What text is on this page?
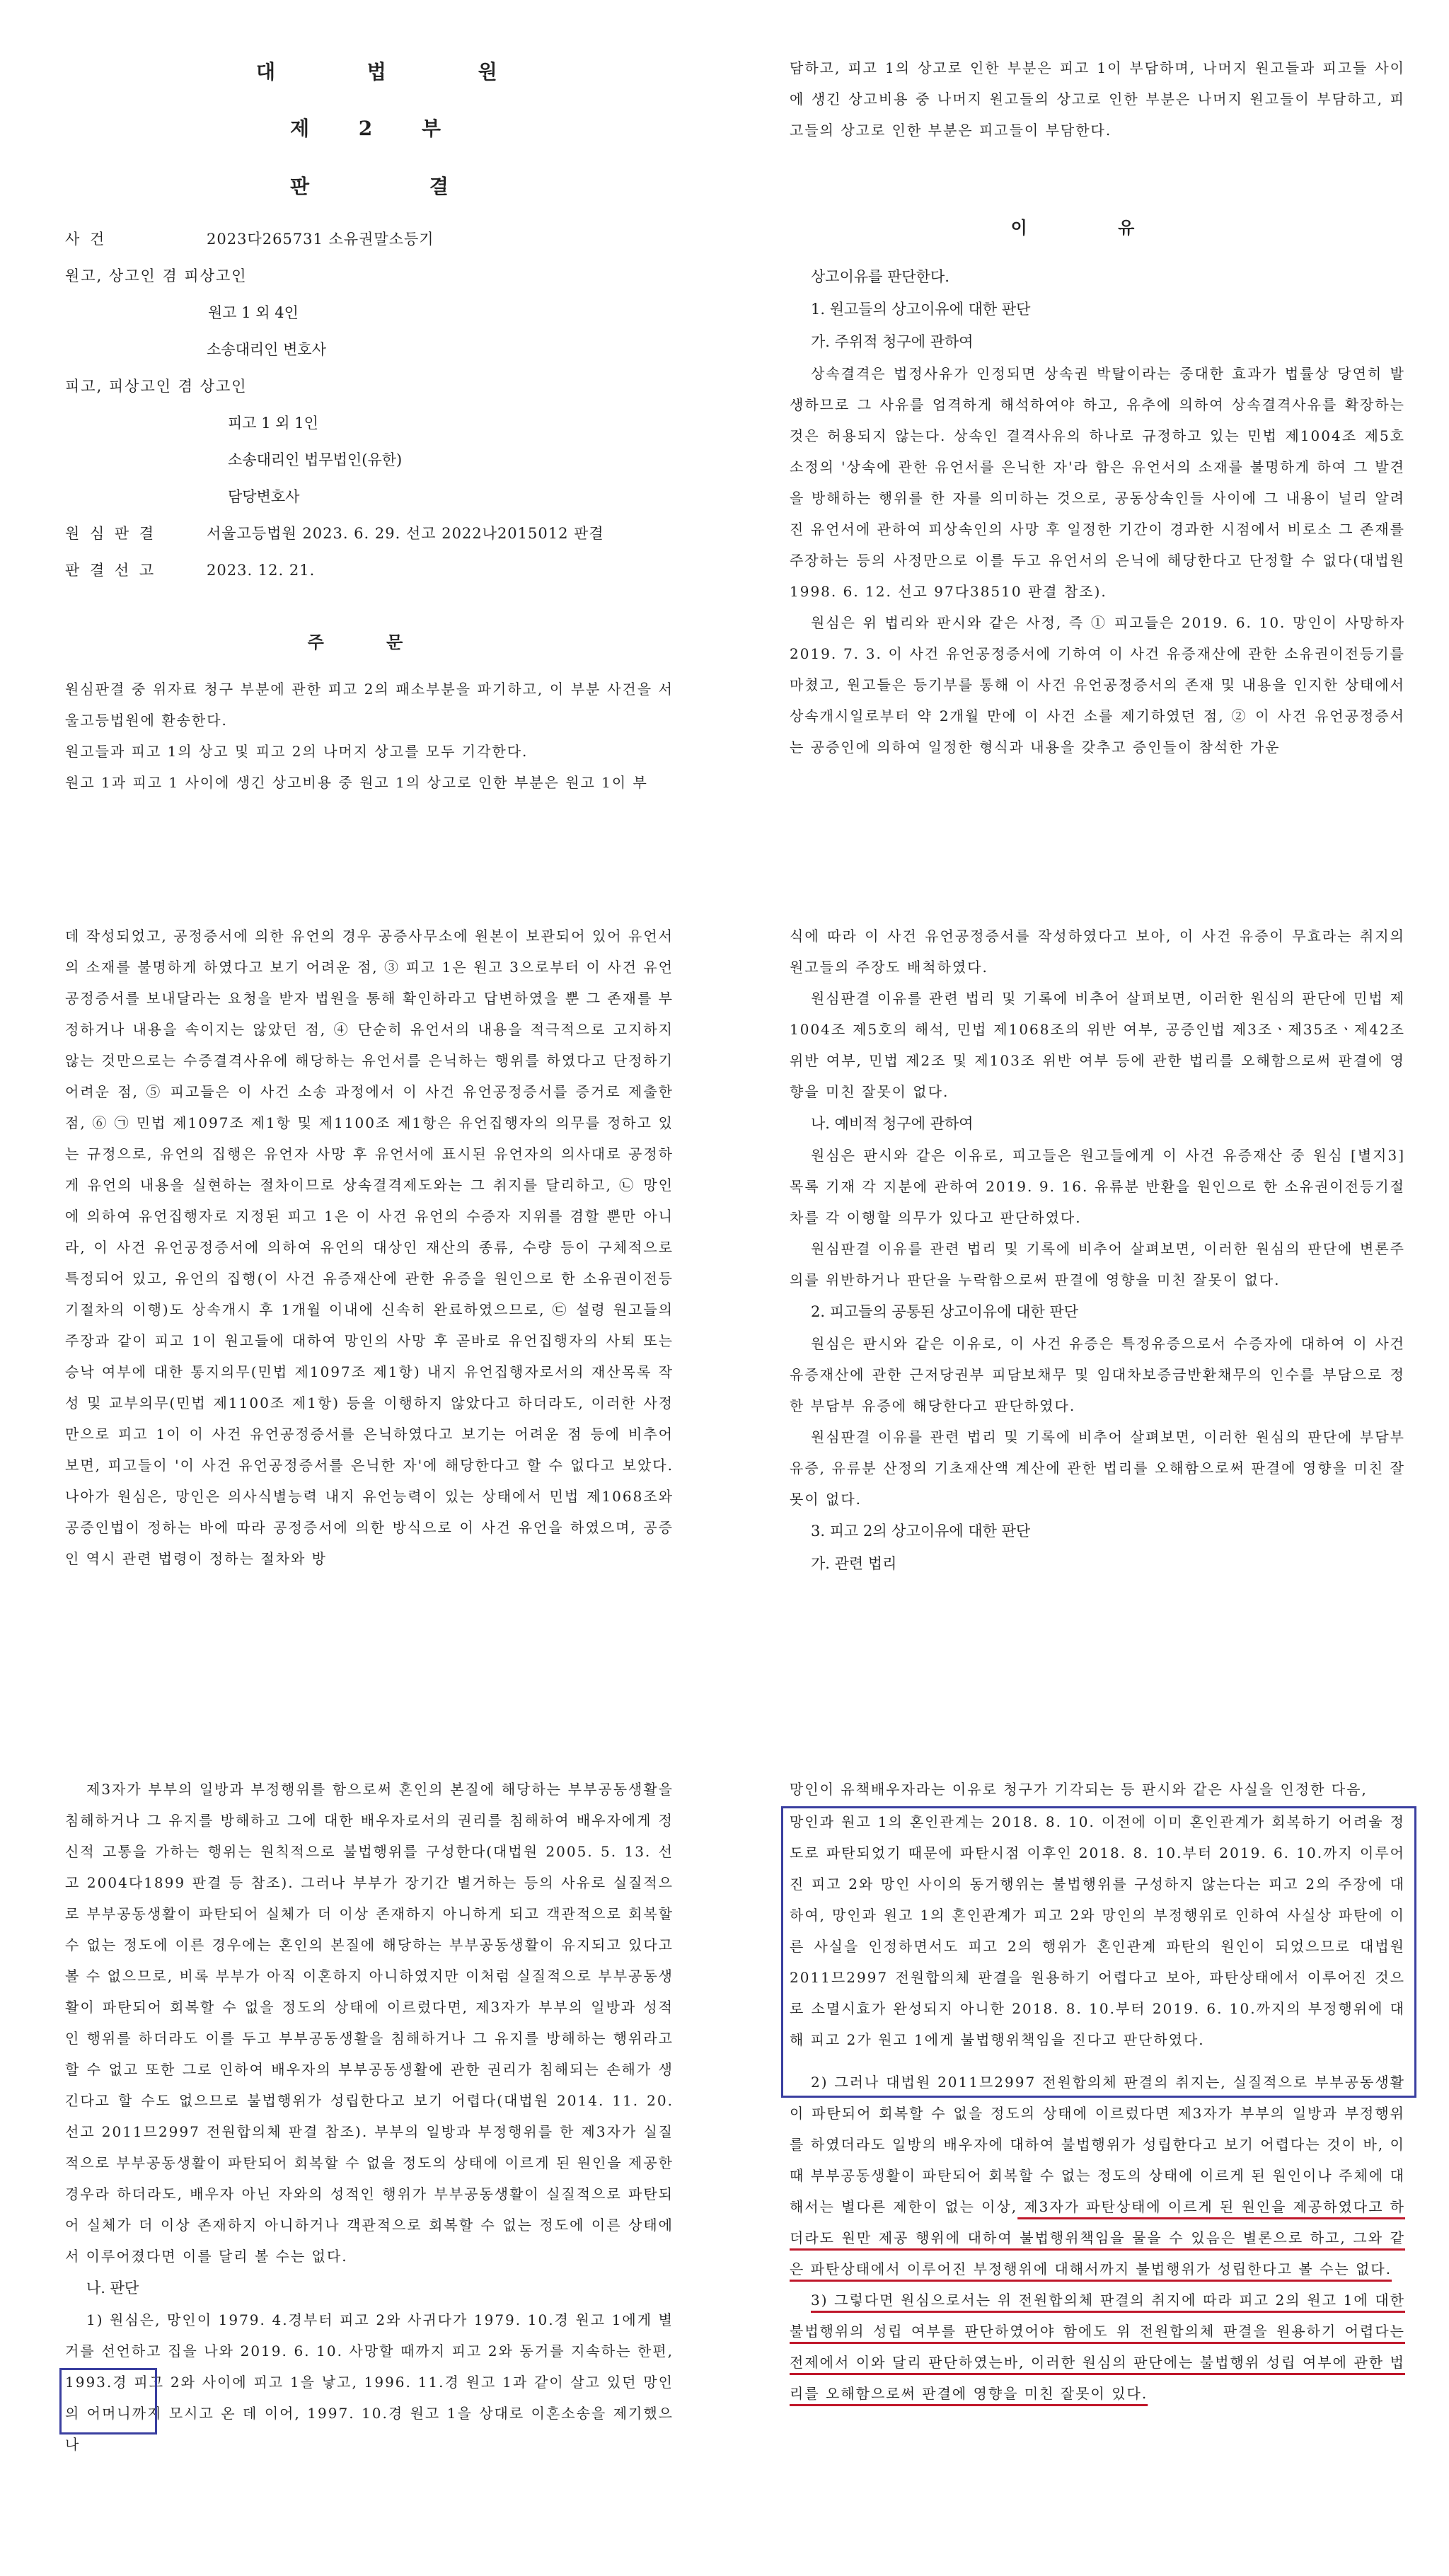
대 법 원
제 2 부
판 결
사 건	2023다265731 소유권말소등기
원고, 상고인 겸 피상고인
원고 1 외 4인
소송대리인 변호사
피고, 피상고인 겸 상고인
피고 1 외 1인
소송대리인 법무법인(유한)
담당변호사
원 심 판 결	서울고등법원 2023. 6. 29. 선고 2022나2015012 판결
판 결 선 고	2023. 12. 21.
주 문

원심판결 중 위자료 청구 부분에 관한 피고 2의 패소부분을 파기하고, 이 부분 사건을 서울고등법원에 환송한다.

원고들과 피고 1의 상고 및 피고 2의 나머지 상고를 모두 기각한다.

원고 1과 피고 1 사이에 생긴 상고비용 중 원고 1의 상고로 인한 부분은 원고 1이 부

담하고, 피고 1의 상고로 인한 부분은 피고 1이 부담하며, 나머지 원고들과 피고들 사이에 생긴 상고비용 중 나머지 원고들의 상고로 인한 부분은 나머지 원고들이 부담하고, 피고들의 상고로 인한 부분은 피고들이 부담한다.

이 유
상고이유를 판단한다.
1. 원고들의 상고이유에 대한 판단
가. 주위적 청구에 관하여

상속결격은 법정사유가 인정되면 상속권 박탈이라는 중대한 효과가 법률상 당연히 발생하므로 그 사유를 엄격하게 해석하여야 하고, 유추에 의하여 상속결격사유를 확장하는 것은 허용되지 않는다. 상속인 결격사유의 하나로 규정하고 있는 민법 제1004조 제5호 소정의 '상속에 관한 유언서를 은닉한 자'라 함은 유언서의 소재를 불명하게 하여 그 발견을 방해하는 행위를 한 자를 의미하는 것으로, 공동상속인들 사이에 그 내용이 널리 알려진 유언서에 관하여 피상속인의 사망 후 일정한 기간이 경과한 시점에서 비로소 그 존재를 주장하는 등의 사정만으로 이를 두고 유언서의 은닉에 해당한다고 단정할 수 없다(대법원 1998. 6. 12. 선고 97다38510 판결 참조).

원심은 위 법리와 판시와 같은 사정, 즉 ① 피고들은 2019. 6. 10. 망인이 사망하자 2019. 7. 3. 이 사건 유언공정증서에 기하여 이 사건 유증재산에 관한 소유권이전등기를 마쳤고, 원고들은 등기부를 통해 이 사건 유언공정증서의 존재 및 내용을 인지한 상태에서 상속개시일로부터 약 2개월 만에 이 사건 소를 제기하였던 점, ② 이 사건 유언공정증서는 공증인에 의하여 일정한 형식과 내용을 갖추고 증인들이 참석한 가운

데 작성되었고, 공정증서에 의한 유언의 경우 공증사무소에 원본이 보관되어 있어 유언서의 소재를 불명하게 하였다고 보기 어려운 점, ③ 피고 1은 원고 3으로부터 이 사건 유언공정증서를 보내달라는 요청을 받자 법원을 통해 확인하라고 답변하였을 뿐 그 존재를 부정하거나 내용을 속이지는 않았던 점, ④ 단순히 유언서의 내용을 적극적으로 고지하지 않는 것만으로는 수증결격사유에 해당하는 유언서를 은닉하는 행위를 하였다고 단정하기 어려운 점, ⑤ 피고들은 이 사건 소송 과정에서 이 사건 유언공정증서를 증거로 제출한 점, ⑥ ㉠ 민법 제1097조 제1항 및 제1100조 제1항은 유언집행자의 의무를 정하고 있는 규정으로, 유언의 집행은 유언자 사망 후 유언서에 표시된 유언자의 의사대로 공정하게 유언의 내용을 실현하는 절차이므로 상속결격제도와는 그 취지를 달리하고, ㉡ 망인에 의하여 유언집행자로 지정된 피고 1은 이 사건 유언의 수증자 지위를 겸할 뿐만 아니라, 이 사건 유언공정증서에 의하여 유언의 대상인 재산의 종류, 수량 등이 구체적으로 특정되어 있고, 유언의 집행(이 사건 유증재산에 관한 유증을 원인으로 한 소유권이전등기절차의 이행)도 상속개시 후 1개월 이내에 신속히 완료하였으므로, ㉢ 설령 원고들의 주장과 같이 피고 1이 원고들에 대하여 망인의 사망 후 곧바로 유언집행자의 사퇴 또는 승낙 여부에 대한 통지의무(민법 제1097조 제1항) 내지 유언집행자로서의 재산목록 작성 및 교부의무(민법 제1100조 제1항) 등을 이행하지 않았다고 하더라도, 이러한 사정만으로 피고 1이 이 사건 유언공정증서를 은닉하였다고 보기는 어려운 점 등에 비추어 보면, 피고들이 '이 사건 유언공정증서를 은닉한 자'에 해당한다고 할 수 없다고 보았다. 나아가 원심은, 망인은 의사식별능력 내지 유언능력이 있는 상태에서 민법 제1068조와 공증인법이 정하는 바에 따라 공정증서에 의한 방식으로 이 사건 유언을 하였으며, 공증인 역시 관련 법령이 정하는 절차와 방

식에 따라 이 사건 유언공정증서를 작성하였다고 보아, 이 사건 유증이 무효라는 취지의 원고들의 주장도 배척하였다.

원심판결 이유를 관련 법리 및 기록에 비추어 살펴보면, 이러한 원심의 판단에 민법 제1004조 제5호의 해석, 민법 제1068조의 위반 여부, 공증인법 제3조ㆍ제35조ㆍ제42조 위반 여부, 민법 제2조 및 제103조 위반 여부 등에 관한 법리를 오해함으로써 판결에 영향을 미친 잘못이 없다.

나. 예비적 청구에 관하여

원심은 판시와 같은 이유로, 피고들은 원고들에게 이 사건 유증재산 중 원심 [별지3] 목록 기재 각 지분에 관하여 2019. 9. 16. 유류분 반환을 원인으로 한 소유권이전등기절차를 각 이행할 의무가 있다고 판단하였다.

원심판결 이유를 관련 법리 및 기록에 비추어 살펴보면, 이러한 원심의 판단에 변론주의를 위반하거나 판단을 누락함으로써 판결에 영향을 미친 잘못이 없다.

2. 피고들의 공통된 상고이유에 대한 판단

원심은 판시와 같은 이유로, 이 사건 유증은 특정유증으로서 수증자에 대하여 이 사건 유증재산에 관한 근저당권부 피담보채무 및 임대차보증금반환채무의 인수를 부담으로 정한 부담부 유증에 해당한다고 판단하였다.

원심판결 이유를 관련 법리 및 기록에 비추어 살펴보면, 이러한 원심의 판단에 부담부 유증, 유류분 산정의 기초재산액 계산에 관한 법리를 오해함으로써 판결에 영향을 미친 잘못이 없다.

3. 피고 2의 상고이유에 대한 판단
가. 관련 법리

제3자가 부부의 일방과 부정행위를 함으로써 혼인의 본질에 해당하는 부부공동생활을 침해하거나 그 유지를 방해하고 그에 대한 배우자로서의 권리를 침해하여 배우자에게 정신적 고통을 가하는 행위는 원칙적으로 불법행위를 구성한다(대법원 2005. 5. 13. 선고 2004다1899 판결 등 참조). 그러나 부부가 장기간 별거하는 등의 사유로 실질적으로 부부공동생활이 파탄되어 실체가 더 이상 존재하지 아니하게 되고 객관적으로 회복할 수 없는 정도에 이른 경우에는 혼인의 본질에 해당하는 부부공동생활이 유지되고 있다고 볼 수 없으므로, 비록 부부가 아직 이혼하지 아니하였지만 이처럼 실질적으로 부부공동생활이 파탄되어 회복할 수 없을 정도의 상태에 이르렀다면, 제3자가 부부의 일방과 성적인 행위를 하더라도 이를 두고 부부공동생활을 침해하거나 그 유지를 방해하는 행위라고 할 수 없고 또한 그로 인하여 배우자의 부부공동생활에 관한 권리가 침해되는 손해가 생긴다고 할 수도 없으므로 불법행위가 성립한다고 보기 어렵다(대법원 2014. 11. 20. 선고 2011므2997 전원합의체 판결 참조). 부부의 일방과 부정행위를 한 제3자가 실질적으로 부부공동생활이 파탄되어 회복할 수 없을 정도의 상태에 이르게 된 원인을 제공한 경우라 하더라도, 배우자 아닌 자와의 성적인 행위가 부부공동생활이 실질적으로 파탄되어 실체가 더 이상 존재하지 아니하거나 객관적으로 회복할 수 없는 정도에 이른 상태에서 이루어졌다면 이를 달리 볼 수는 없다.

나. 판단

1) 원심은, 망인이 1979. 4.경부터 피고 2와 사귀다가 1979. 10.경 원고 1에게 별거를 선언하고 집을 나와 2019. 6. 10. 사망할 때까지 피고 2와 동거를 지속하는 한편, 1993.경 피고 2와 사이에 피고 1을 낳고, 1996. 11.경 원고 1과 같이 살고 있던 망인의 어머니까지 모시고 온 데 이어, 1997. 10.경 원고 1을 상대로 이혼소송을 제기했으나

망인이 유책배우자라는 이유로 청구가 기각되는 등 판시와 같은 사실을 인정한 다음,

망인과 원고 1의 혼인관계는 2018. 8. 10. 이전에 이미 혼인관계가 회복하기 어려울 정도로 파탄되었기 때문에 파탄시점 이후인 2018. 8. 10.부터 2019. 6. 10.까지 이루어진 피고 2와 망인 사이의 동거행위는 불법행위를 구성하지 않는다는 피고 2의 주장에 대하여, 망인과 원고 1의 혼인관계가 피고 2와 망인의 부정행위로 인하여 사실상 파탄에 이른 사실을 인정하면서도 피고 2의 행위가 혼인관계 파탄의 원인이 되었으므로 대법원 2011므2997 전원합의체 판결을 원용하기 어렵다고 보아, 파탄상태에서 이루어진 것으로 소멸시효가 완성되지 아니한 2018. 8. 10.부터 2019. 6. 10.까지의 부정행위에 대해 피고 2가 원고 1에게 불법행위책임을 진다고 판단하였다.

2) 그러나 대법원 2011므2997 전원합의체 판결의 취지는, 실질적으로 부부공동생활이 파탄되어 회복할 수 없을 정도의 상태에 이르렀다면 제3자가 부부의 일방과 부정행위를 하였더라도 일방의 배우자에 대하여 불법행위가 성립한다고 보기 어렵다는 것이 바, 이때 부부공동생활이 파탄되어 회복할 수 없는 정도의 상태에 이르게 된 원인이나 주체에 대해서는 별다른 제한이 없는 이상, 제3자가 파탄상태에 이르게 된 원인을 제공하였다고 하더라도 원만 제공 행위에 대하여 불법행위책임을 물을 수 있음은 별론으로 하고, 그와 같은 파탄상태에서 이루어진 부정행위에 대해서까지 불법행위가 성립한다고 볼 수는 없다.

3) 그렇다면 원심으로서는 위 전원합의체 판결의 취지에 따라 피고 2의 원고 1에 대한 불법행위의 성립 여부를 판단하였어야 함에도 위 전원합의체 판결을 원용하기 어렵다는 전제에서 이와 달리 판단하였는바, 이러한 원심의 판단에는 불법행위 성립 여부에 관한 법리를 오해함으로써 판결에 영향을 미친 잘못이 있다.
